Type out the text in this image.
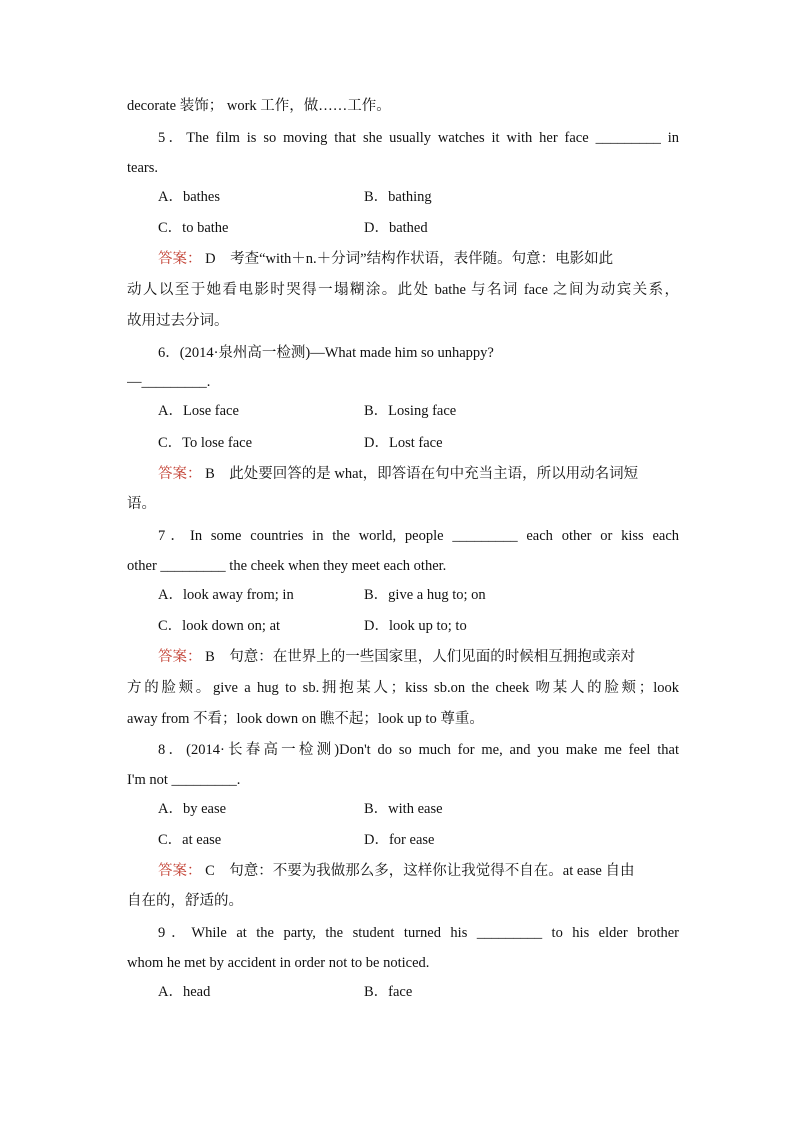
decorate 装饰； work 工作，做……工作。
5．The film is so moving that she usually watches it with her face _________ in
tears.
A．bathes	B．bathing
C．to bathe	D．bathed
答案： D　考查“with＋n.＋分词”结构作状语，表伴随。句意：电影如此
动人以至于她看电影时哭得一塌糊涂。此处 bathe 与名词 face 之间为动宾关系，
故用过去分词。
6．(2014·泉州高一检测)—What made him so unhappy?
—_________.
A．Lose face	B．Losing face
C．To lose face	D．Lost face
答案： B　此处要回答的是 what，即答语在句中充当主语，所以用动名词短
语。
7．In some countries in the world, people _________ each other or kiss each
other _________ the cheek when they meet each other.
A．look away from; in	B．give a hug to; on
C．look down on; at	D．look up to; to
答案： B　句意：在世界上的一些国家里，人们见面的时候相互拥抱或亲对
方的脸颊。give a hug to sb.拥抱某人；kiss sb.on the cheek 吻某人的脸颊；look
away from 不看；look down on 瞧不起；look up to 尊重。
8．(2014·长春高一检测)Don't do so much for me, and you make me feel that
I'm not _________.
A．by ease	B．with ease
C．at ease	D．for ease
答案： C　句意：不要为我做那么多，这样你让我觉得不自在。at ease 自由
自在的，舒适的。
9．While at the party, the student turned his _________ to his elder brother
whom he met by accident in order not to be noticed.
A．head	B．face
